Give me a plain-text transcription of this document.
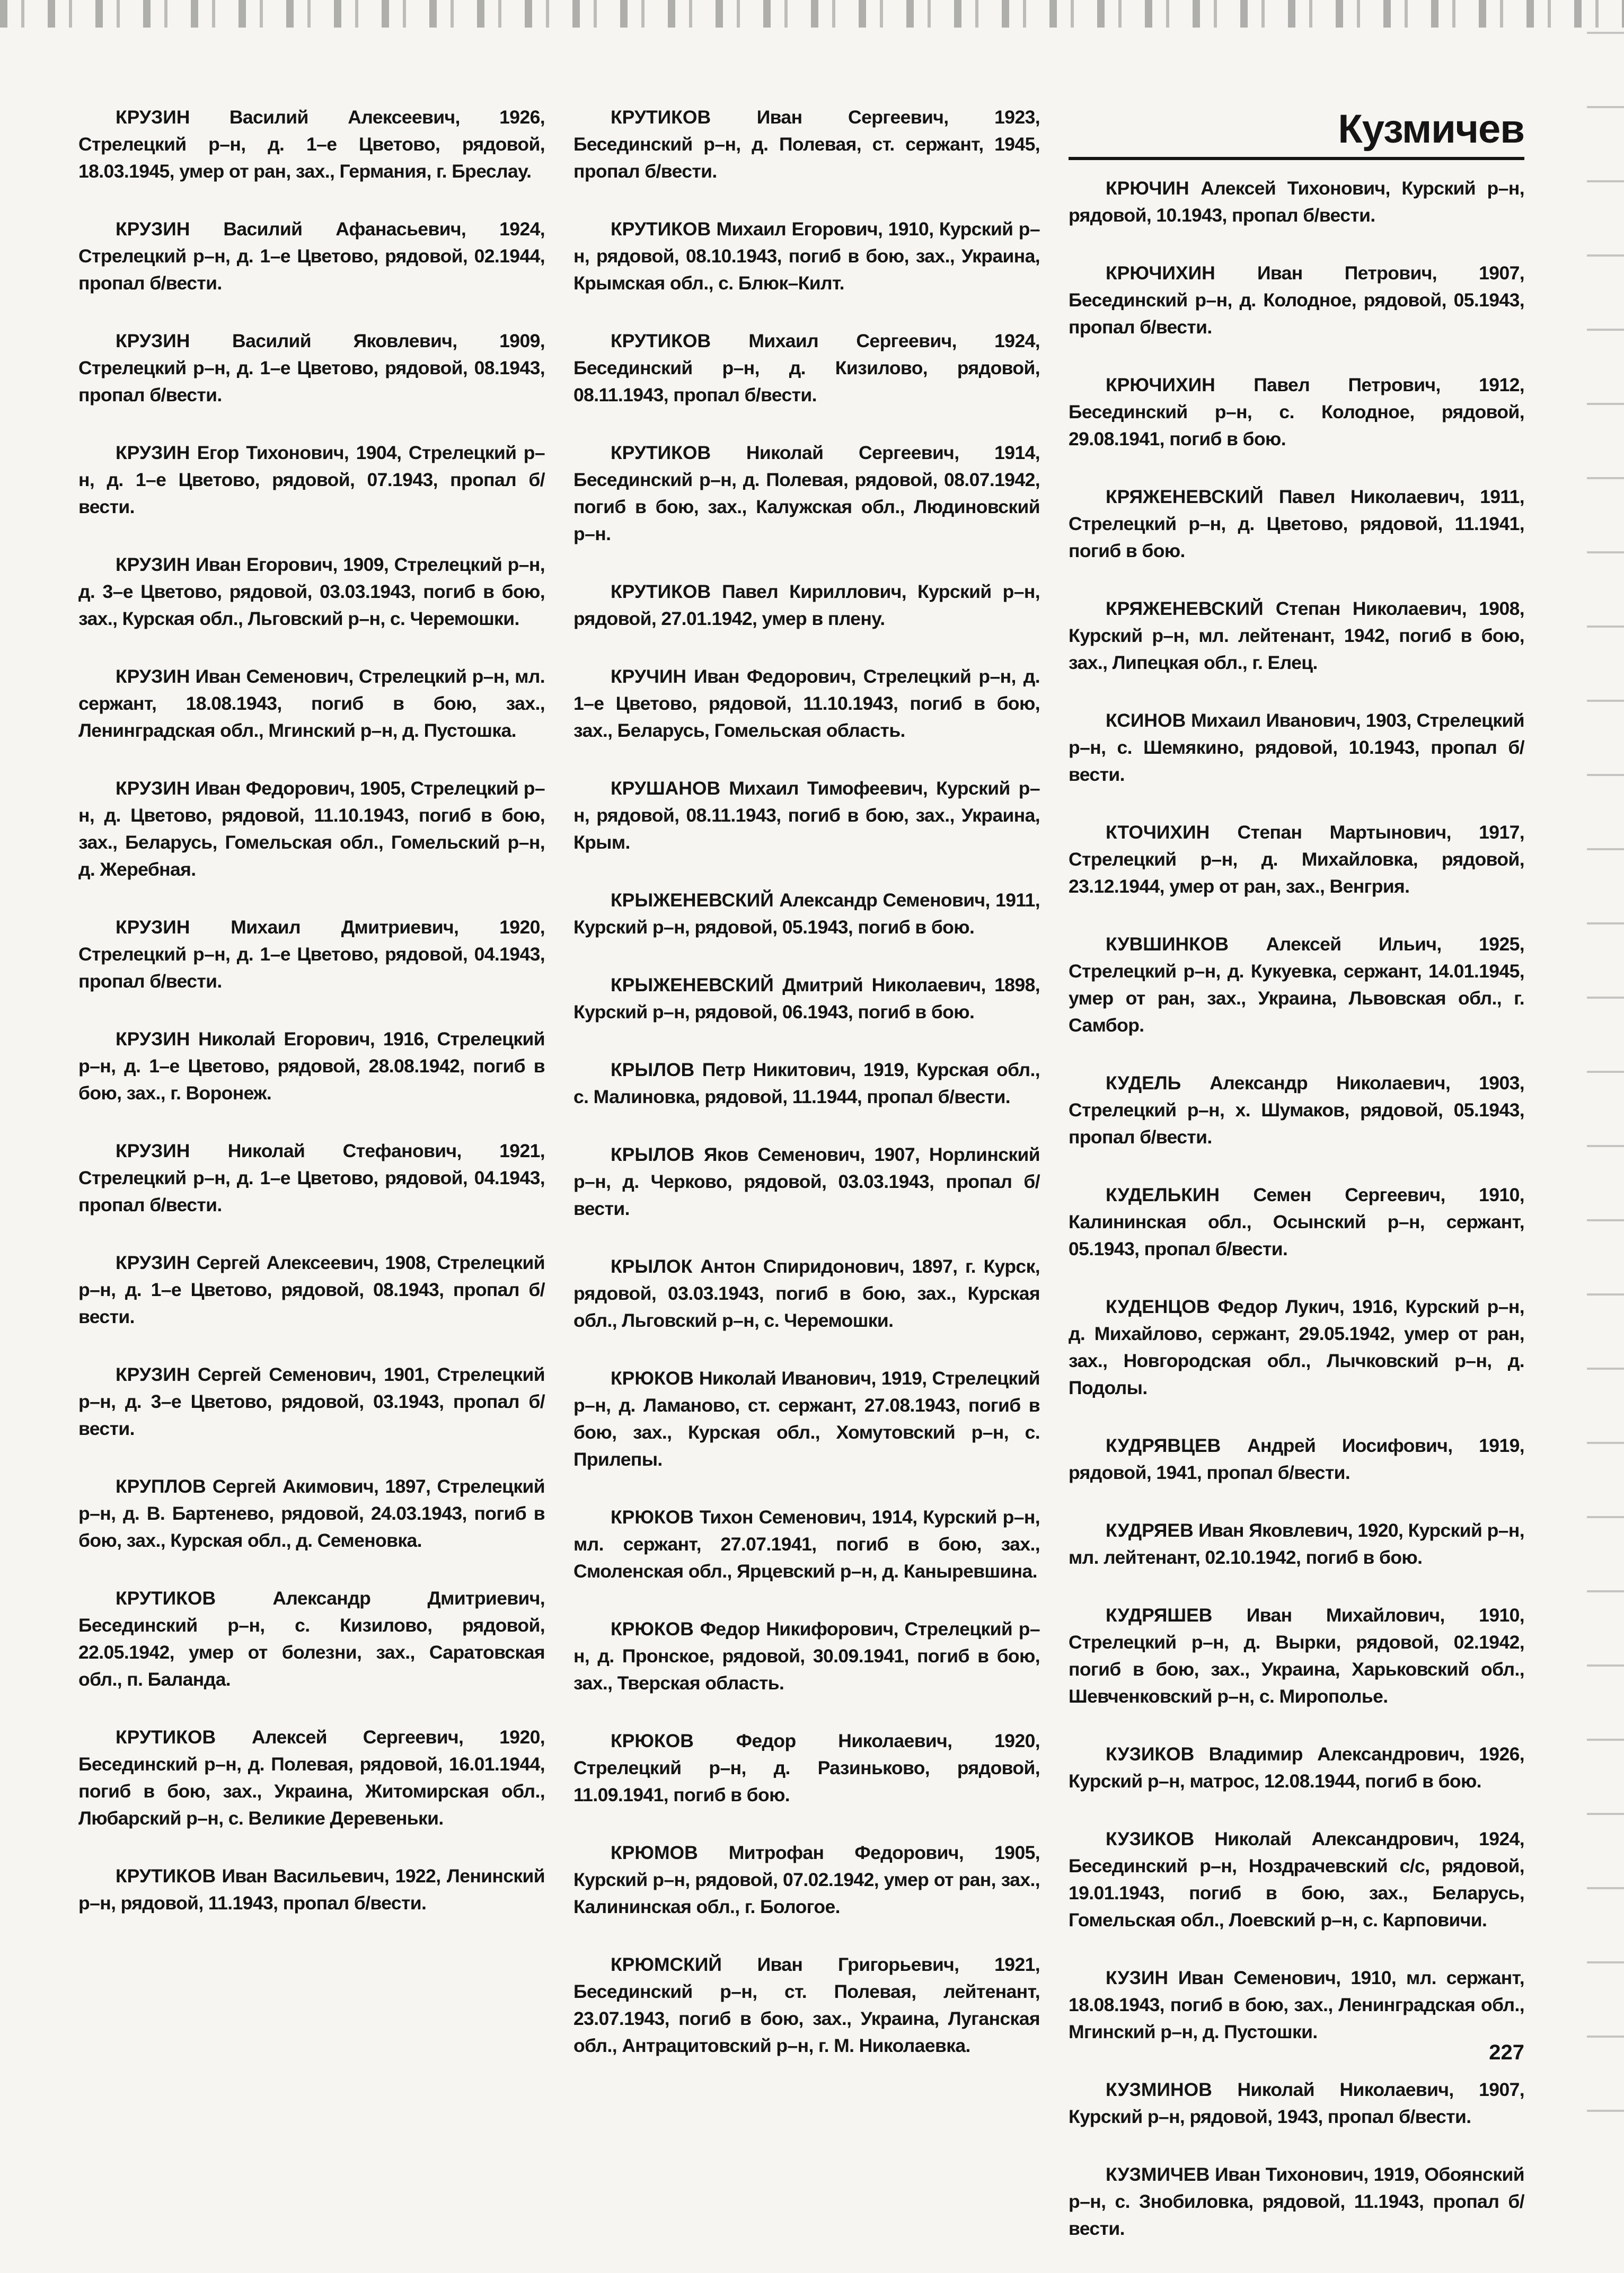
КРУЗИН Василий Алексеевич, 1926, Стрелецкий р–н, д. 1–е Цветово, рядовой, 18.03.1945, умер от ран, зах., Германия, г. Бреслау.

КРУЗИН Василий Афанасьевич, 1924, Стрелецкий р–н, д. 1–е Цветово, рядовой, 02.1944, пропал б/вести.

КРУЗИН Василий Яковлевич, 1909, Стрелецкий р–н, д. 1–е Цветово, рядовой, 08.1943, пропал б/вести.

КРУЗИН Егор Тихонович, 1904, Стрелецкий р–н, д. 1–е Цветово, рядовой, 07.1943, пропал б/вести.

КРУЗИН Иван Егорович, 1909, Стрелецкий р–н, д. 3–е Цветово, рядовой, 03.03.1943, погиб в бою, зах., Курская обл., Льговский р–н, с. Черемошки.

КРУЗИН Иван Семенович, Стрелецкий р–н, мл. сержант, 18.08.1943, погиб в бою, зах., Ленинградская обл., Мгинский р–н, д. Пустошка.

КРУЗИН Иван Федорович, 1905, Стрелецкий р–н, д. Цветово, рядовой, 11.10.1943, погиб в бою, зах., Беларусь, Гомельская обл., Гомельский р–н, д. Жеребная.

КРУЗИН Михаил Дмитриевич, 1920, Стрелецкий р–н, д. 1–е Цветово, рядовой, 04.1943, пропал б/вести.

КРУЗИН Николай Егорович, 1916, Стрелецкий р–н, д. 1–е Цветово, рядовой, 28.08.1942, погиб в бою, зах., г. Воронеж.

КРУЗИН Николай Стефанович, 1921, Стрелецкий р–н, д. 1–е Цветово, рядовой, 04.1943, пропал б/вести.

КРУЗИН Сергей Алексеевич, 1908, Стрелецкий р–н, д. 1–е Цветово, рядовой, 08.1943, пропал б/вести.

КРУЗИН Сергей Семенович, 1901, Стрелецкий р–н, д. 3–е Цветово, рядовой, 03.1943, пропал б/вести.

КРУПЛОВ Сергей Акимович, 1897, Стрелецкий р–н, д. В. Бартенево, рядовой, 24.03.1943, погиб в бою, зах., Курская обл., д. Семеновка.

КРУТИКОВ	Александр Дмитриевич, Бесединский р–н, с. Кизилово, рядовой, 22.05.1942, умер от болезни, зах., Саратовская обл., п. Баланда.

КРУТИКОВ Алексей Сергеевич, 1920, Бесединский р–н, д. Полевая, рядовой, 16.01.1944, погиб в бою, зах., Украина, Житомирская обл., Любарский р–н, с. Великие Деревеньки.

КРУТИКОВ Иван Васильевич, 1922, Ленинский р–н, рядовой, 11.1943, пропал б/вести.

КРУТИКОВ Иван Сергеевич, 1923, Бесединский р–н, д. Полевая, ст. сержант, 1945, пропал б/вести.

КРУТИКОВ Михаил Егорович, 1910, Курский р–н, рядовой, 08.10.1943, погиб в бою, зах., Украина, Крымская обл., с. Блюк–Килт.

КРУТИКОВ Михаил Сергеевич, 1924, Бесединский р–н, д. Кизилово, рядовой, 08.11.1943, пропал б/вести.

КРУТИКОВ Николай Сергеевич, 1914, Бесединский р–н, д. Полевая, рядовой, 08.07.1942, погиб в бою, зах., Калужская обл., Людиновский р–н.

КРУТИКОВ Павел Кириллович, Курский р–н, рядовой, 27.01.1942, умер в плену.

КРУЧИН Иван Федорович, Стрелецкий р–н, д. 1–е Цветово, рядовой, 11.10.1943, погиб в бою, зах., Беларусь, Гомельская область.

КРУШАНОВ Михаил Тимофеевич, Курский р–н, рядовой, 08.11.1943, погиб в бою, зах., Украина, Крым.

КРЫЖЕНЕВСКИЙ Александр Семенович, 1911, Курский р–н, рядовой, 05.1943, погиб в бою.

КРЫЖЕНЕВСКИЙ Дмитрий Николаевич, 1898, Курский р–н, рядовой, 06.1943, погиб в бою.

КРЫЛОВ Петр Никитович, 1919, Курская обл., с. Малиновка, рядовой, 11.1944, пропал б/вести.

КРЫЛОВ Яков Семенович, 1907, Норлинский р–н, д. Черково, рядовой, 03.03.1943, пропал б/вести.

КРЫЛОК Антон Спиридонович, 1897, г. Курск, рядовой, 03.03.1943, погиб в бою, зах., Курская обл., Льговский р–н, с. Черемошки.

КРЮКОВ Николай Иванович, 1919, Стрелецкий р–н, д. Ламаново, ст. сержант, 27.08.1943, погиб в бою, зах., Курская обл., Хомутовский р–н, с. Прилепы.

КРЮКОВ Тихон Семенович, 1914, Курский р–н, мл. сержант, 27.07.1941, погиб в бою, зах., Смоленская обл., Ярцевский р–н, д. Каныревшина.

КРЮКОВ Федор Никифорович, Стрелецкий р–н, д. Пронское, рядовой, 30.09.1941, погиб в бою, зах., Тверская область.

КРЮКОВ Федор Николаевич, 1920, Стрелецкий р–н, д. Разиньково, рядовой, 11.09.1941, погиб в бою.

КРЮМОВ Митрофан Федорович, 1905, Курский р–н, рядовой, 07.02.1942, умер от ран, зах., Калининская обл., г. Бологое.

КРЮМСКИЙ Иван Григорьевич, 1921, Бесединский р–н, ст. Полевая, лейтенант, 23.07.1943, погиб в бою, зах., Украина, Луганская обл., Антрацитовский р–н, г. М. Николаевка.

Кузмичев

КРЮЧИН Алексей Тихонович, Курский р–н, рядовой, 10.1943, пропал б/вести.

КРЮЧИХИН Иван Петрович, 1907, Бесединский р–н, д. Колодное, рядовой, 05.1943, пропал б/вести.

КРЮЧИХИН Павел Петрович, 1912, Бесединский р–н, с. Колодное, рядовой, 29.08.1941, погиб в бою.

КРЯЖЕНЕВСКИЙ Павел Николаевич, 1911, Стрелецкий р–н, д. Цветово, рядовой, 11.1941, погиб в бою.

КРЯЖЕНЕВСКИЙ Степан Николаевич, 1908, Курский р–н, мл. лейтенант, 1942, погиб в бою, зах., Липецкая обл., г. Елец.

КСИНОВ Михаил Иванович, 1903, Стрелецкий р–н, с. Шемякино, рядовой, 10.1943, пропал б/вести.

КТОЧИХИН Степан Мартынович, 1917, Стрелецкий р–н, д. Михайловка, рядовой, 23.12.1944, умер от ран, зах., Венгрия.

КУВШИНКОВ Алексей Ильич, 1925, Стрелецкий р–н, д. Кукуевка, сержант, 14.01.1945, умер от ран, зах., Украина, Львовская обл., г. Самбор.

КУДЕЛЬ Александр Николаевич, 1903, Стрелецкий р–н, х. Шумаков, рядовой, 05.1943, пропал б/вести.

КУДЕЛЬКИН Семен Сергеевич, 1910, Калининская обл., Осынский р–н, сержант, 05.1943, пропал б/вести.

КУДЕНЦОВ Федор Лукич, 1916, Курский р–н, д. Михайлово, сержант, 29.05.1942, умер от ран, зах., Новгородская обл., Лычковский р–н, д. Подолы.

КУДРЯВЦЕВ Андрей Иосифович, 1919, рядовой, 1941, пропал б/вести.

КУДРЯЕВ Иван Яковлевич, 1920, Курский р–н, мл. лейтенант, 02.10.1942, погиб в бою.

КУДРЯШЕВ Иван Михайлович, 1910, Стрелецкий р–н, д. Вырки, рядовой, 02.1942, погиб в бою, зах., Украина, Харьковский обл., Шевченковский р–н, с. Миропольe.

КУЗИКОВ Владимир Александрович, 1926, Курский р–н, матрос, 12.08.1944, погиб в бою.

КУЗИКОВ Николай Александрович, 1924, Бесединский р–н, Ноздрачевский с/с, рядовой, 19.01.1943, погиб в бою, зах., Беларусь, Гомельская обл., Лоевский р–н, с. Карповичи.

КУЗИН Иван Семенович, 1910, мл. сержант, 18.08.1943, погиб в бою, зах., Ленинградская обл., Мгинский р–н, д. Пустошки.

КУЗМИНОВ Николай Николаевич, 1907, Курский р–н, рядовой, 1943, пропал б/вести.

КУЗМИЧЕВ Иван Тихонович, 1919, Обоянский р–н, с. Знобиловка, рядовой, 11.1943, пропал б/вести.

227
